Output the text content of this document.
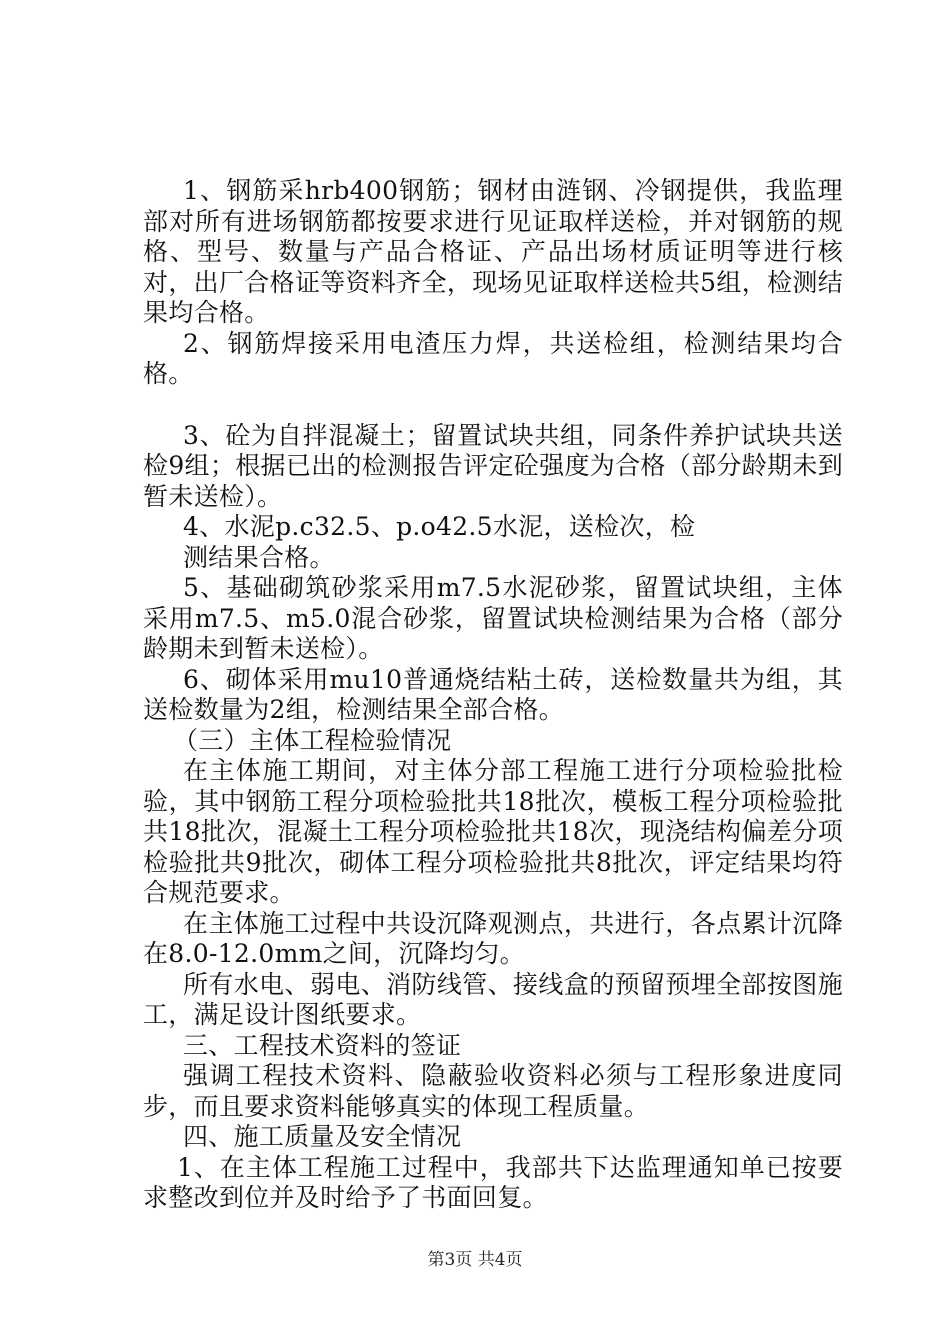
1、钢筋采hrb400钢筋；钢材由涟钢、冷钢提供，我监理部对所有进场钢筋都按要求进行见证取样送检，并对钢筋的规格、型号、数量与产品合格证、产品出场材质证明等进行核对，出厂合格证等资料齐全，现场见证取样送检共5组，检测结果均合格。

2、钢筋焊接采用电渣压力焊，共送检组，检测结果均合格。

3、砼为自拌混凝土；留置试块共组，同条件养护试块共送检9组；根据已出的检测报告评定砼强度为合格（部分龄期未到暂未送检）。

4、水泥p.c32.5、p.o42.5水泥，送检次，检

测结果合格。

5、基础砌筑砂浆采用m7.5水泥砂浆，留置试块组，主体采用m7.5、m5.0混合砂浆，留置试块检测结果为合格（部分龄期未到暂未送检）。

6、砌体采用mu10普通烧结粘土砖，送检数量共为组，其送检数量为2组，检测结果全部合格。

（三）主体工程检验情况

在主体施工期间，对主体分部工程施工进行分项检验批检验，其中钢筋工程分项检验批共18批次，模板工程分项检验批共18批次，混凝土工程分项检验批共18次，现浇结构偏差分项检验批共9批次，砌体工程分项检验批共8批次，评定结果均符合规范要求。

在主体施工过程中共设沉降观测点，共进行，各点累计沉降在8.0-12.0mm之间，沉降均匀。

所有水电、弱电、消防线管、接线盒的预留预埋全部按图施工，满足设计图纸要求。

三、工程技术资料的签证

强调工程技术资料、隐蔽验收资料必须与工程形象进度同步，而且要求资料能够真实的体现工程质量。

四、施工质量及安全情况

1、在主体工程施工过程中，我部共下达监理通知单已按要求整改到位并及时给予了书面回复。

第3页 共4页
